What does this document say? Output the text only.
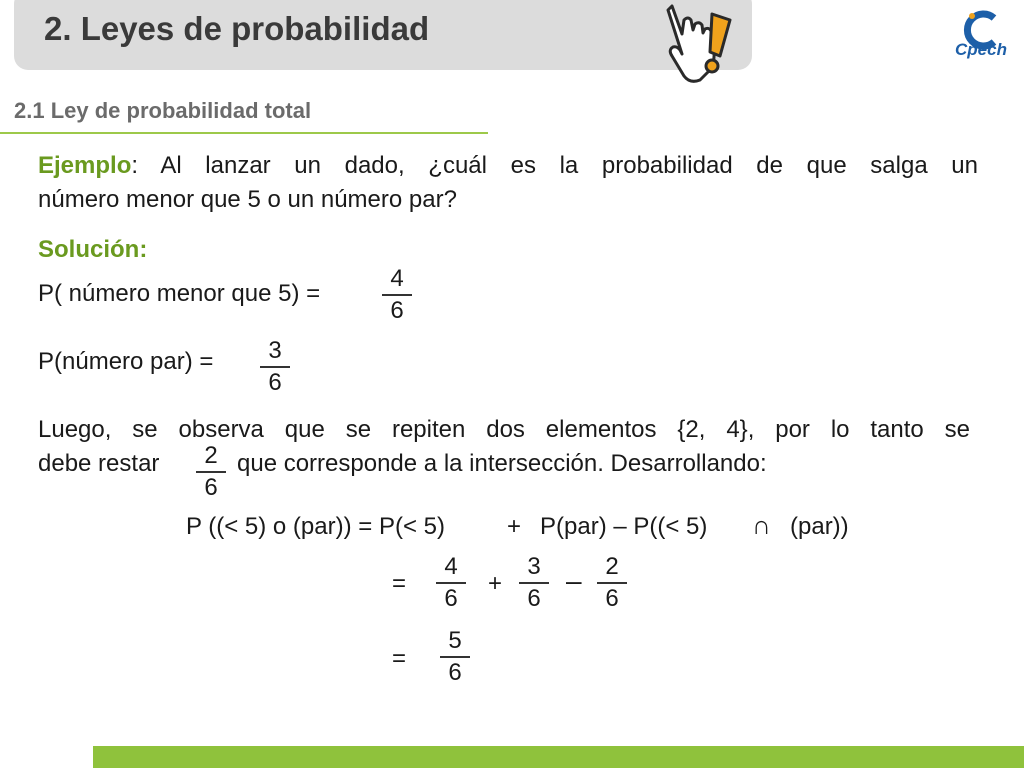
2. Leyes de probabilidad
Cpech
2.1 Ley de probabilidad total
Ejemplo: Al lanzar un dado, ¿cuál es la probabilidad de que salga un
número menor que 5 o un número par?
Solución:
P( número menor que 5) =
4
6
P(número par) =	3
6
Luego, se observa que se repiten dos elementos {2, 4}, por lo tanto se
debe restar	2
6
que corresponde a la intersección. Desarrollando:
P ((< 5) o (par)) = P(< 5)	+ P(par) – P((< 5) ∩ (par))
=
4
6
+
3
6
– 2
6
=
5
6
